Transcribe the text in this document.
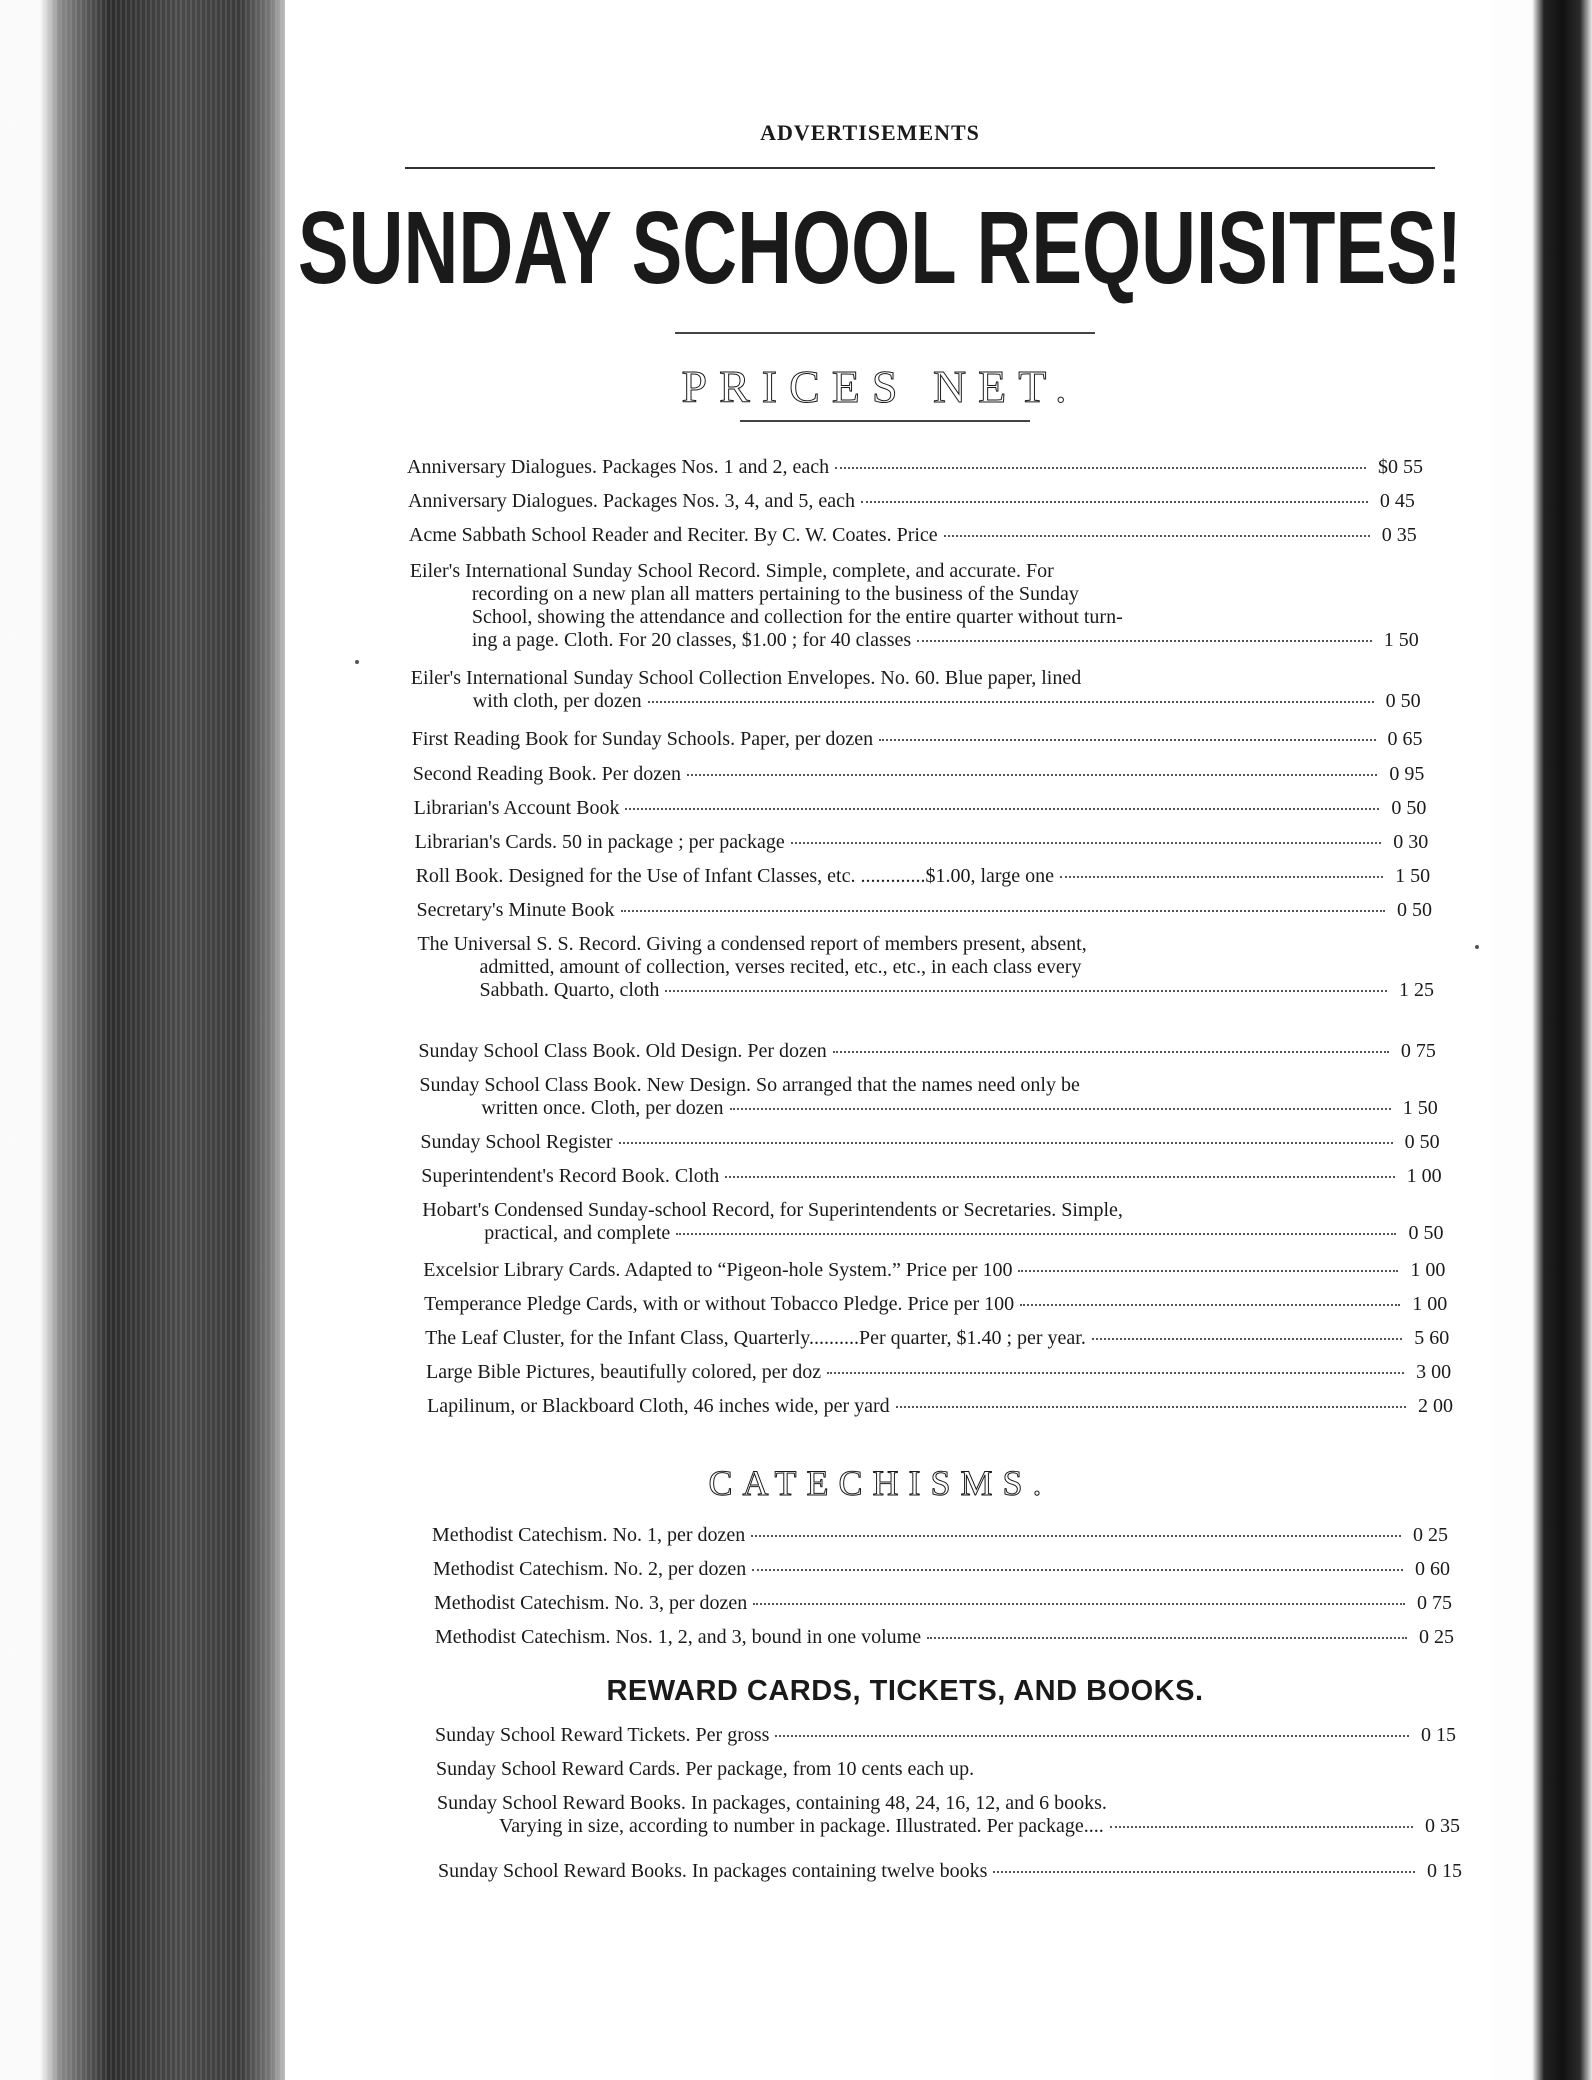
ADVERTISEMENTS
SUNDAY SCHOOL REQUISITES!
PRICES NET.
Anniversary Dialogues. Packages Nos. 1 and 2, each	$0 55
Anniversary Dialogues. Packages Nos. 3, 4, and 5, each	0 45
Acme Sabbath School Reader and Reciter. By C. W. Coates. Price	0 35
Eiler's International Sunday School Record. Simple, complete, and accurate. For
recording on a new plan all matters pertaining to the business of the Sunday
School, showing the attendance and collection for the entire quarter without turn-
ing a page. Cloth. For 20 classes, $1.00 ; for 40 classes	1 50
Eiler's International Sunday School Collection Envelopes. No. 60. Blue paper, lined
with cloth, per dozen	0 50
First Reading Book for Sunday Schools. Paper, per dozen	0 65
Second Reading Book. Per dozen	0 95
Librarian's Account Book	0 50
Librarian's Cards. 50 in package ; per package	0 30
Roll Book. Designed for the Use of Infant Classes, etc. .............$1.00, large one	1 50
Secretary's Minute Book	0 50
The Universal S. S. Record. Giving a condensed report of members present, absent,
admitted, amount of collection, verses recited, etc., etc., in each class every
Sabbath. Quarto, cloth	1 25
Sunday School Class Book. Old Design. Per dozen	0 75
Sunday School Class Book. New Design. So arranged that the names need only be
written once. Cloth, per dozen	1 50
Sunday School Register	0 50
Superintendent's Record Book. Cloth	1 00
Hobart's Condensed Sunday-school Record, for Superintendents or Secretaries. Simple,
practical, and complete	0 50
Excelsior Library Cards. Adapted to “Pigeon-hole System.” Price per 100	1 00
Temperance Pledge Cards, with or without Tobacco Pledge. Price per 100	1 00
The Leaf Cluster, for the Infant Class, Quarterly..........Per quarter, $1.40 ; per year.	5 60
Large Bible Pictures, beautifully colored, per doz	3 00
Lapilinum, or Blackboard Cloth, 46 inches wide, per yard	2 00
CATECHISMS.
Methodist Catechism. No. 1, per dozen	0 25
Methodist Catechism. No. 2, per dozen	0 60
Methodist Catechism. No. 3, per dozen	0 75
Methodist Catechism. Nos. 1, 2, and 3, bound in one volume	0 25
REWARD CARDS, TICKETS, AND BOOKS.
Sunday School Reward Tickets. Per gross	0 15
Sunday School Reward Cards. Per package, from 10 cents each up.
Sunday School Reward Books. In packages, containing 48, 24, 16, 12, and 6 books.
Varying in size, according to number in package. Illustrated. Per package....	0 35
Sunday School Reward Books. In packages containing twelve books	0 15
